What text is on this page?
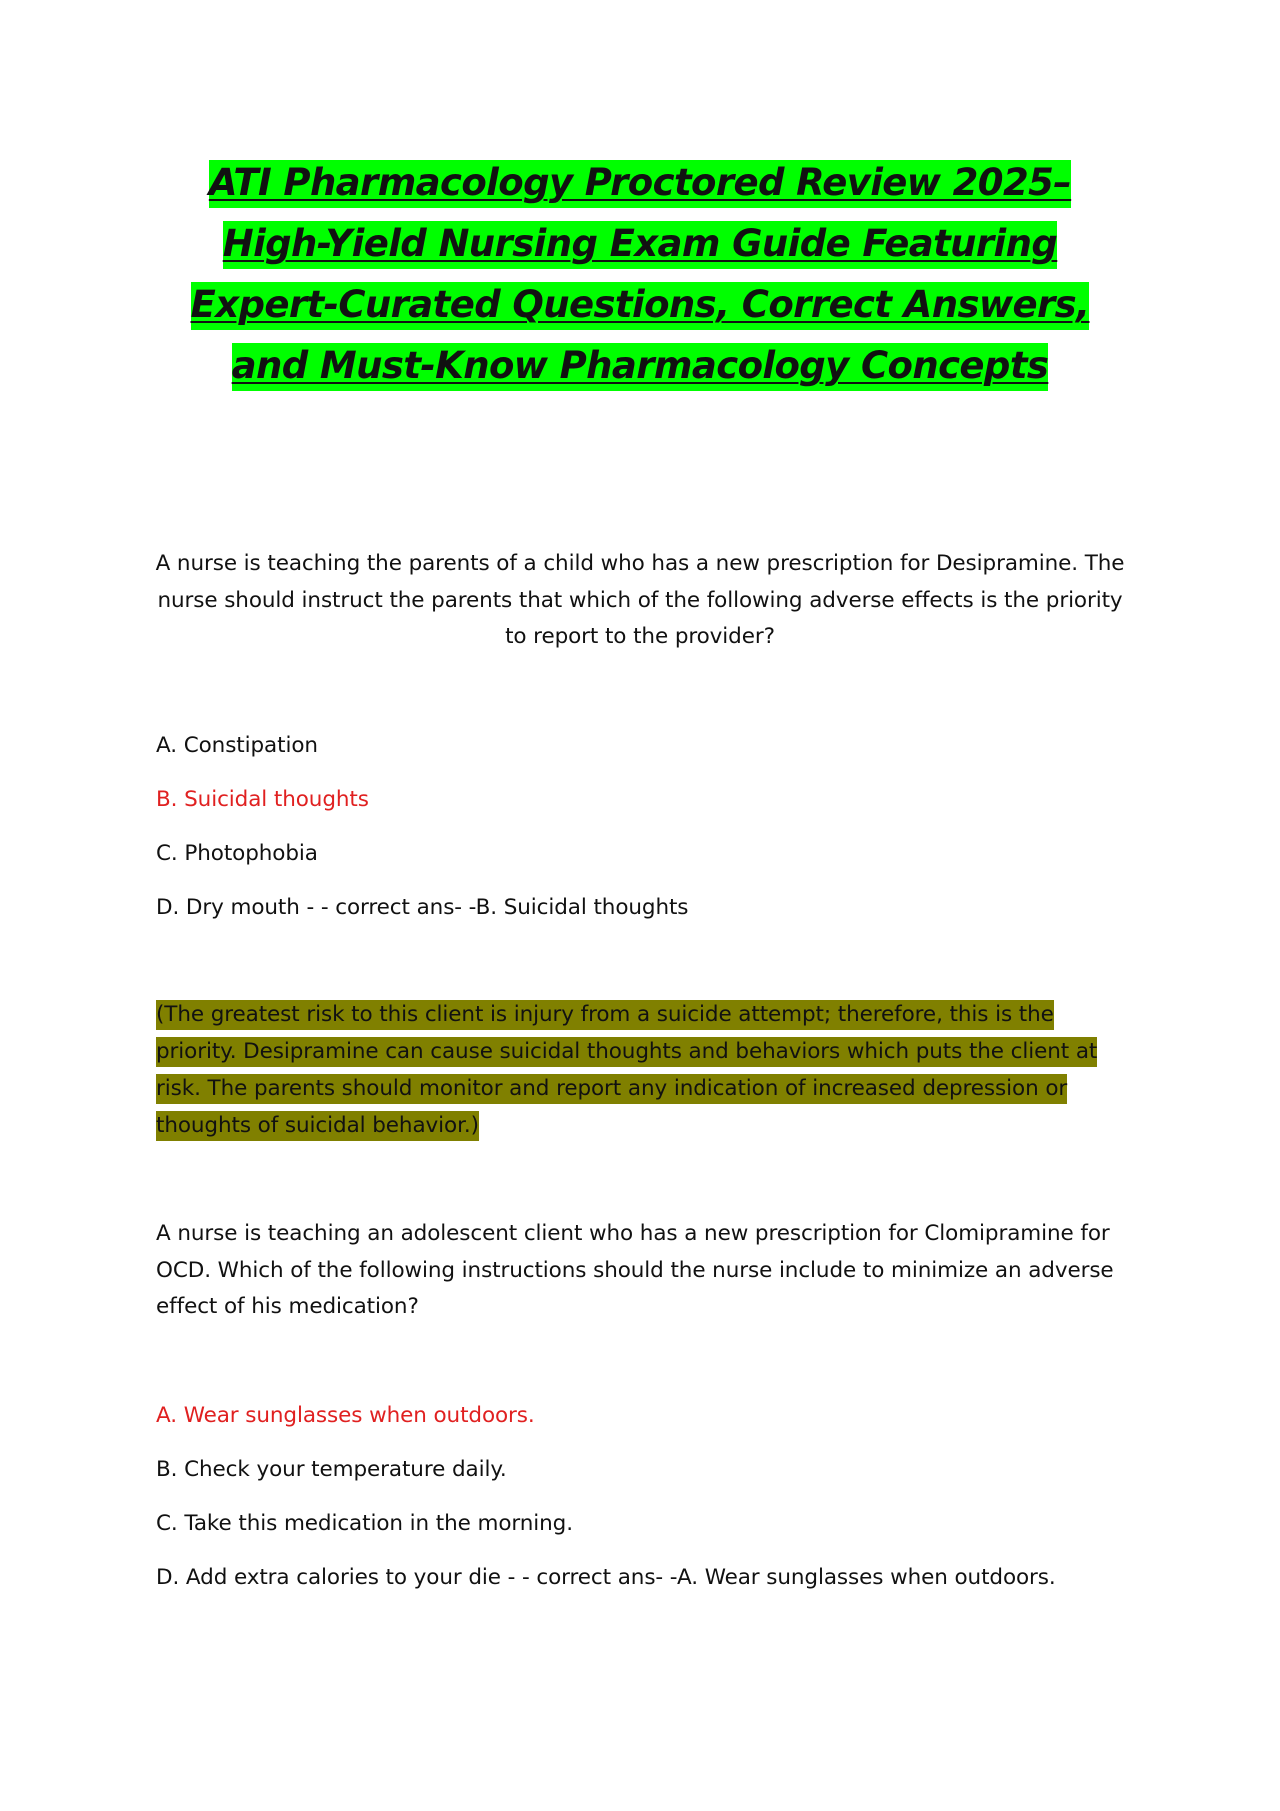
ATI Pharmacology Proctored Review 2025– High-Yield Nursing Exam Guide Featuring Expert-Curated Questions, Correct Answers, and Must-Know Pharmacology Concepts

A nurse is teaching the parents of a child who has a new prescription for Desipramine. The nurse should instruct the parents that which of the following adverse effects is the priority to report to the provider?

A. Constipation

B. Suicidal thoughts

C. Photophobia

D. Dry mouth - - correct ans- -B. Suicidal thoughts

(The greatest risk to this client is injury from a suicide attempt; therefore, this is the priority. Desipramine can cause suicidal thoughts and behaviors which puts the client at risk. The parents should monitor and report any indication of increased depression or thoughts of suicidal behavior.)

A nurse is teaching an adolescent client who has a new prescription for Clomipramine for OCD. Which of the following instructions should the nurse include to minimize an adverse effect of his medication?

A. Wear sunglasses when outdoors.

B. Check your temperature daily.

C. Take this medication in the morning.

D. Add extra calories to your die - - correct ans- -A. Wear sunglasses when outdoors.
